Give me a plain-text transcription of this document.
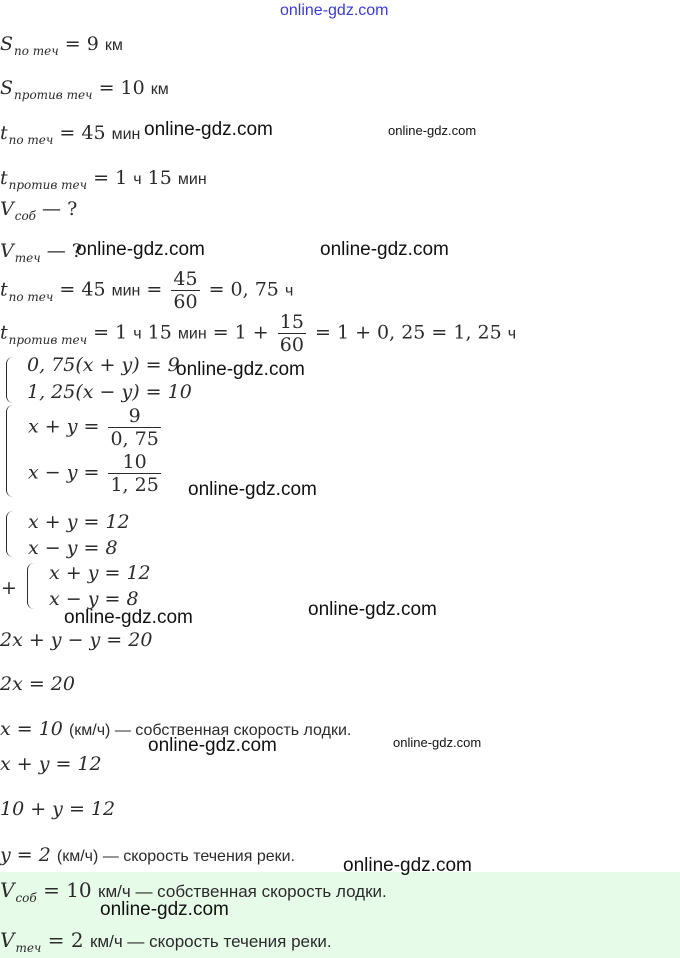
online-gdz.com
$S_{по теч} = 9$ км
$S_{против теч} = 10$ км
$t_{по теч} = 45$ мин
$t_{против теч} = 1$ ч 15 мин
$V_{соб}$ — ?
$V_{теч}$ — ?
$t_{по теч} = 45$ мин = $\frac{45}{60} = 0$, 75 ч
$t_{против теч} = 1$ ч 15 мин = $1 + \frac{15}{60} = 1 + 0$, 25 = 1, 25 ч
0, 75(x + y) = 9
1, 25(x − y) = 10
$x + y = \frac{9}{0, 75}$
$x - y = \frac{10}{1, 25}$
x + y = 12
x − y = 8
+
x + y = 12
x − y = 8
2x + y − y = 20
2x = 20
x = 10 (км/ч) — собственная скорость лодки.
x + y = 12
10 + y = 12
y = 2 (км/ч) — скорость течения реки.
$V_{соб} = 10$ км/ч — собственная скорость лодки.
$V_{теч} = 2$ км/ч — скорость течения реки.
online-gdz.com	online-gdz.com
online-gdz.com	online-gdz.com
online-gdz.com
online-gdz.com
online-gdz.com	online-gdz.com
online-gdz.com	online-gdz.com
online-gdz.com
online-gdz.com
